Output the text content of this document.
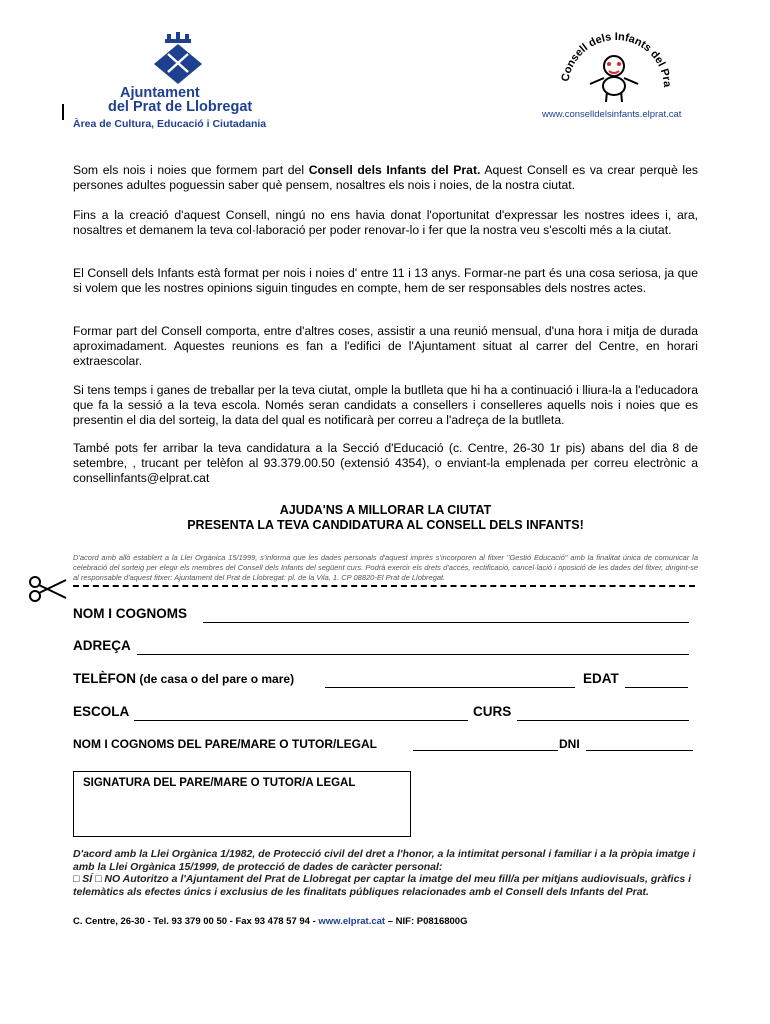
Ajuntament
del Prat de Llobregat
Àrea de Cultura, Educació i Ciutadania
Consell dels Infants del Pra
www.conselldelsinfants.elprat.cat
Som els nois i noies que formem part del Consell dels Infants del Prat. Aquest Consell es va crear perquè les persones adultes poguessin saber què pensem, nosaltres els nois i noies, de la nostra ciutat.
Fins a la creació d'aquest Consell, ningú no ens havia donat l'oportunitat d'expressar les nostres idees i, ara, nosaltres et demanem la teva col·laboració per poder renovar-lo i fer que la nostra veu s'escolti més a la ciutat.
El Consell dels Infants està format per nois i noies d' entre 11 i 13 anys. Formar-ne part és una cosa seriosa, ja que si volem que les nostres opinions siguin tingudes en compte, hem de ser responsables dels nostres actes.
Formar part del Consell comporta, entre d'altres coses, assistir a una reunió mensual, d'una hora i mitja de durada aproximadament. Aquestes reunions es fan a l'edifici de l'Ajuntament situat al carrer del Centre, en horari extraescolar.
Si tens temps i ganes de treballar per la teva ciutat, omple la butlleta que hi ha a continuació i lliura-la a l'educadora que fa la sessió a la teva escola. Només seran candidats a consellers i conselleres aquells nois i noies que es presentin el dia del sorteig, la data del qual es notificarà per correu a l'adreça de la butlleta.
També pots fer arribar la teva candidatura a la Secció d'Educació (c. Centre, 26-30 1r pis) abans del dia 8 de setembre, , trucant per telèfon al 93.379.00.50 (extensió 4354), o enviant-la emplenada per correu electrònic a consellinfants@elprat.cat
AJUDA'NS A MILLORAR LA CIUTAT
PRESENTA LA TEVA CANDIDATURA AL CONSELL DELS INFANTS!
D'acord amb allò establert a la Llei Orgànica 15/1999, s'informa que les dades personals d'aquest imprès s'incorporen al fitxer "Gestió Educació" amb la finalitat única de comunicar la celebració del sorteig per elegir els membres del Consell dels Infants del següent curs. Podrà exercir els drets d'accés, rectificació, cancel·lació i oposició de les dades del fitxer, dirigint-se al responsable d'aquest fitxer: Ajuntament del Prat de Llobregat: pl. de la Vila, 1. CP 08820-El Prat de Llobregat.
NOM I COGNOMS
ADREÇA
TELÈFON (de casa o del pare o mare)	EDAT
ESCOLA	CURS
NOM I COGNOMS DEL PARE/MARE O TUTOR/LEGAL	DNI
SIGNATURA DEL PARE/MARE O TUTOR/A LEGAL
D'acord amb la Llei Orgànica 1/1982, de Protecció civil del dret a l'honor, a la intimitat personal i familiar i a la pròpia imatge i amb la Llei Orgànica 15/1999, de protecció de dades de caràcter personal:
□ SÍ □ NO Autoritzo a l'Ajuntament del Prat de Llobregat per captar la imatge del meu fill/a per mitjans audiovisuals, gràfics i telemàtics als efectes únics i exclusius de les finalitats públiques relacionades amb el Consell dels Infants del Prat.
C. Centre, 26-30 - Tel. 93 379 00 50 - Fax 93 478 57 94 - www.elprat.cat – NIF: P0816800G
